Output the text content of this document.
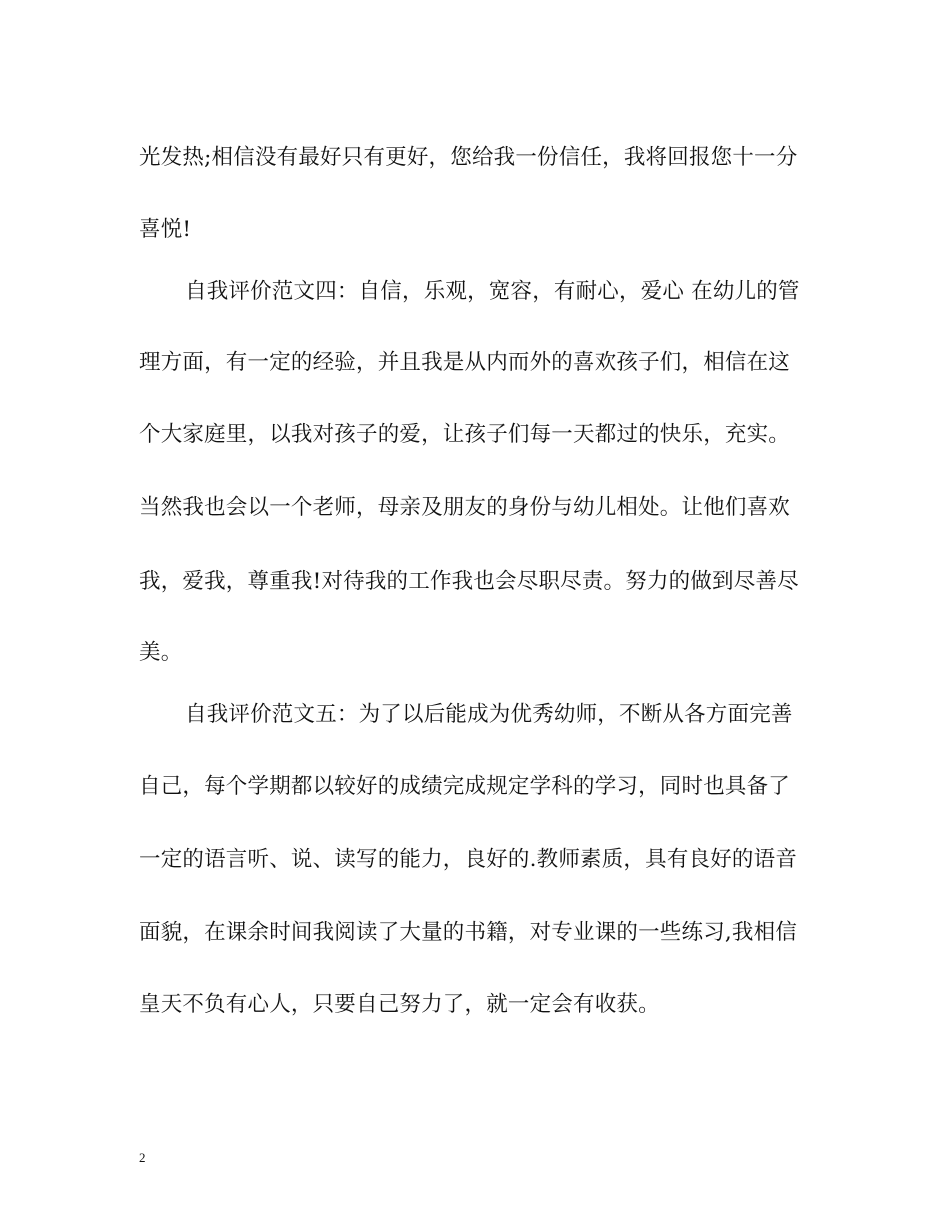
光发热;相信没有最好只有更好，您给我一份信任，我将回报您十一分
喜悦!
自我评价范文四：自信，乐观，宽容，有耐心，爱心 在幼儿的管
理方面，有一定的经验，并且我是从内而外的喜欢孩子们，相信在这
个大家庭里，以我对孩子的爱，让孩子们每一天都过的快乐，充实。
当然我也会以一个老师，母亲及朋友的身份与幼儿相处。让他们喜欢
我，爱我，尊重我!对待我的工作我也会尽职尽责。努力的做到尽善尽
美。
自我评价范文五：为了以后能成为优秀幼师，不断从各方面完善
自己，每个学期都以较好的成绩完成规定学科的学习，同时也具备了
一定的语言听、说、读写的能力，良好的.教师素质，具有良好的语音
面貌，在课余时间我阅读了大量的书籍，对专业课的一些练习,我相信
皇天不负有心人，只要自己努力了，就一定会有收获。
2
